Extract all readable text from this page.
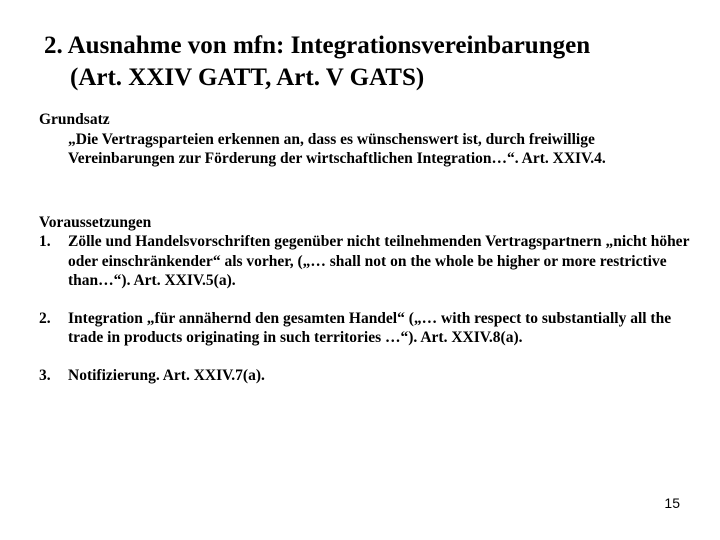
2. Ausnahme von mfn: Integrationsvereinbarungen
(Art. XXIV GATT, Art. V GATS)
Grundsatz
„Die Vertragsparteien erkennen an, dass es wünschenswert ist, durch freiwillige Vereinbarungen zur Förderung der wirtschaftlichen Integration…“. Art. XXIV.4.
Voraussetzungen
1.	Zölle und Handelsvorschriften gegenüber nicht teilnehmenden Vertragspartnern „nicht höher oder einschränkender“ als vorher, („… shall not on the whole be higher or more restrictive than…“). Art. XXIV.5(a).
2.	Integration „für annähernd den gesamten Handel“ („… with respect to substantially all the trade in products originating in such territories …“). Art. XXIV.8(a).
3.	Notifizierung. Art. XXIV.7(a).
15
